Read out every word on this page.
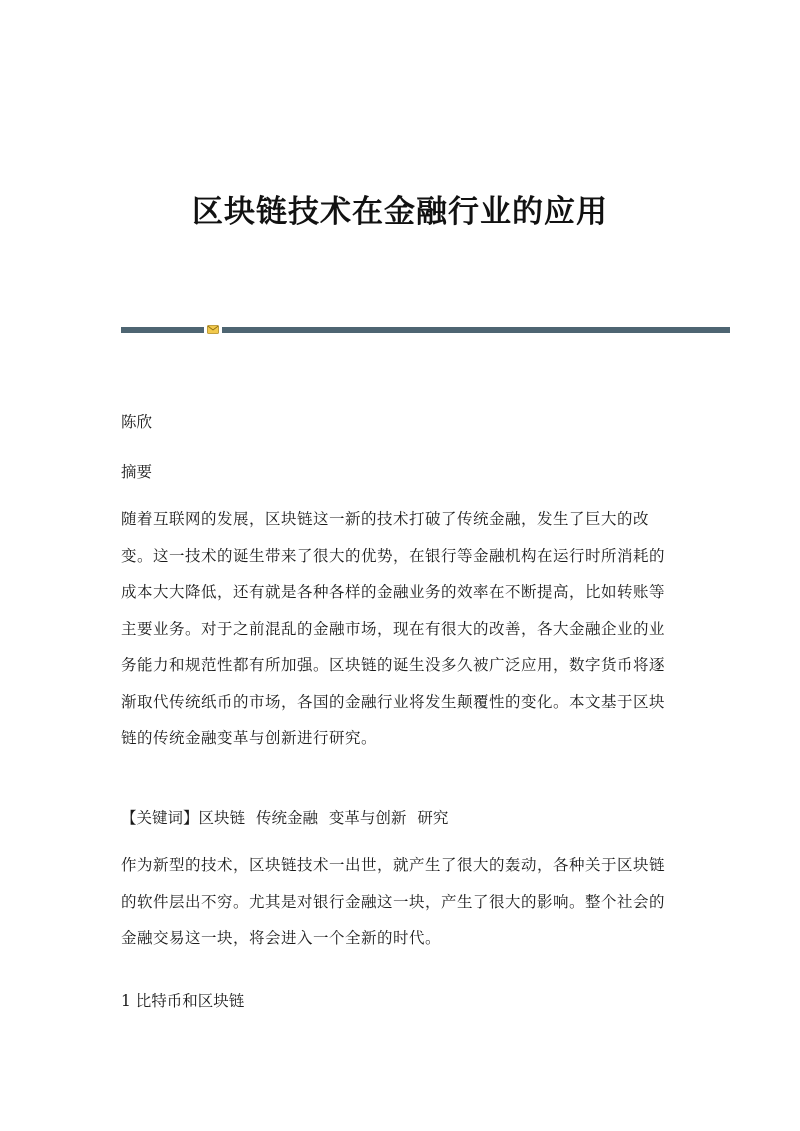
区块链技术在金融行业的应用

陈欣

摘要

随着互联网的发展，区块链这一新的技术打破了传统金融，发生了巨大的改
变。这一技术的诞生带来了很大的优势，在银行等金融机构在运行时所消耗的
成本大大降低，还有就是各种各样的金融业务的效率在不断提高，比如转账等
主要业务。对于之前混乱的金融市场，现在有很大的改善，各大金融企业的业
务能力和规范性都有所加强。区块链的诞生没多久被广泛应用，数字货币将逐
渐取代传统纸币的市场，各国的金融行业将发生颠覆性的变化。本文基于区块
链的传统金融变革与创新进行研究。

【关键词】区块链 传统金融 变革与创新 研究

作为新型的技术，区块链技术一出世，就产生了很大的轰动，各种关于区块链
的软件层出不穷。尤其是对银行金融这一块，产生了很大的影响。整个社会的
金融交易这一块，将会进入一个全新的时代。

1 比特币和区块链
